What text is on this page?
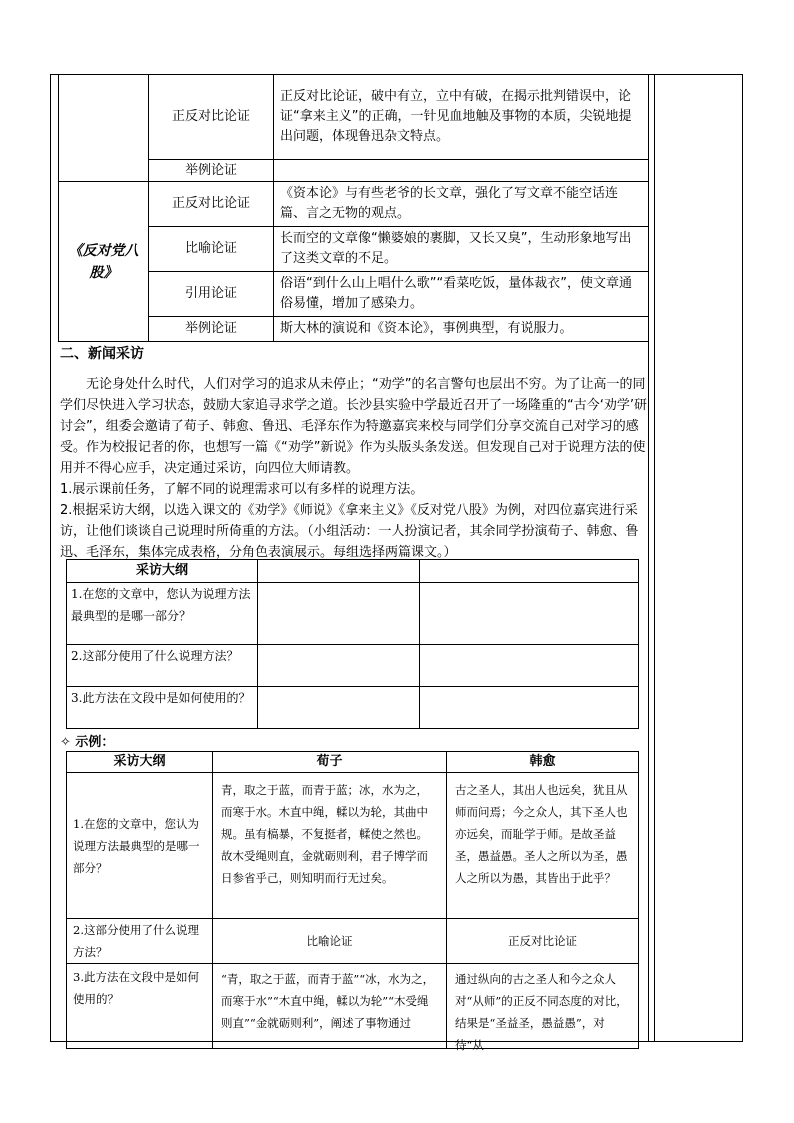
	正反对比论证	正反对比论证，破中有立，立中有破，在揭示批判错误中，论证“拿来主义”的正确，一针见血地触及事物的本质，尖锐地提出问题，体现鲁迅杂文特点。
	举例论证	
《反对党八股》	正反对比论证	《资本论》与有些老爷的长文章，强化了写文章不能空话连篇、言之无物的观点。
	比喻论证	长而空的文章像“懒婆娘的裹脚，又长又臭”，生动形象地写出了这类文章的不足。
	引用论证	俗语“到什么山上唱什么歌”“看菜吃饭，量体裁衣”，使文章通俗易懂，增加了感染力。
	举例论证	斯大林的演说和《资本论》，事例典型，有说服力。
二、新闻采访

无论身处什么时代，人们对学习的追求从未停止；“劝学”的名言警句也层出不穷。为了让高一的同学们尽快进入学习状态，鼓励大家追寻求学之道。长沙县实验中学最近召开了一场隆重的“古今‘劝学’研讨会”，组委会邀请了荀子、韩愈、鲁迅、毛泽东作为特邀嘉宾来校与同学们分享交流自己对学习的感受。作为校报记者的你，也想写一篇《“劝学”新说》作为头版头条发送。但发现自己对于说理方法的使用并不得心应手，决定通过采访，向四位大师请教。

1.展示课前任务，了解不同的说理需求可以有多样的说理方法。

2.根据采访大纲，以选入课文的《劝学》《师说》《拿来主义》《反对党八股》为例，对四位嘉宾进行采访，让他们谈谈自己说理时所倚重的方法。（小组活动：一人扮演记者，其余同学扮演荀子、韩愈、鲁迅、毛泽东，集体完成表格，分角色表演展示。每组选择两篇课文。）

采访大纲		
1.在您的文章中，您认为说理方法最典型的是哪一部分？		
2.这部分使用了什么说理方法？		
3.此方法在文段中是如何使用的？		
✧ 示例：
采访大纲	荀子	韩愈
1.在您的文章中，您认为说理方法最典型的是哪一部分？	青，取之于蓝，而青于蓝；冰，水为之，而寒于水。木直中绳，輮以为轮，其曲中规。虽有槁暴，不复挺者，輮使之然也。故木受绳则直，金就砺则利，君子博学而日参省乎己，则知明而行无过矣。	古之圣人，其出人也远矣，犹且从师而问焉；今之众人，其下圣人也亦远矣，而耻学于师。是故圣益圣，愚益愚。圣人之所以为圣，愚人之所以为愚，其皆出于此乎？
2.这部分使用了什么说理方法？	比喻论证	正反对比论证
3.此方法在文段中是如何使用的？	“青，取之于蓝，而青于蓝”“冰，水为之，而寒于水”“木直中绳，輮以为轮”“木受绳则直”“金就砺则利”，阐述了事物通过	通过纵向的古之圣人和今之众人对“从师”的正反不同态度的对比，结果是“圣益圣，愚益愚”，对待“从
